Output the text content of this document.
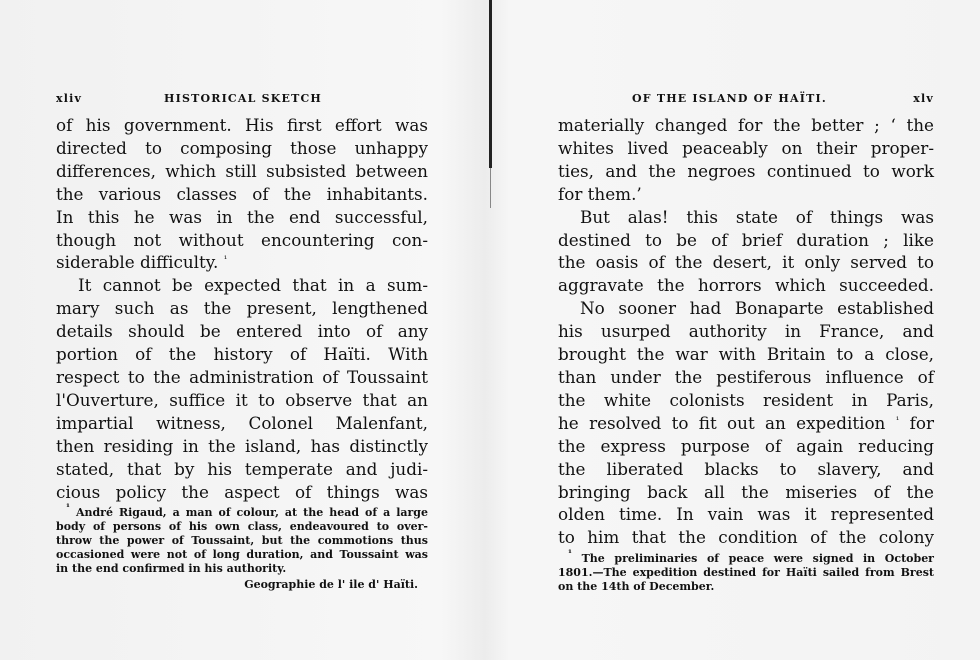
xliv	HISTORICAL SKETCH
of his government. His first effort was
directed to composing those unhappy
differences, which still subsisted between
the various classes of the inhabitants.
In this he was in the end successful,
though not without encountering con-
siderable difficulty. $^{^1}$
It cannot be expected that in a sum-
mary such as the present, lengthened
details should be entered into of any
portion of the history of Haïti. With
respect to the administration of Toussaint
l'Ouverture, suffice it to observe that an
impartial witness, Colonel Malenfant,
then residing in the island, has distinctly
stated, that by his temperate and judi-
cious policy the aspect of things was
$^{^1}$ André Rigaud, a man of colour, at the head of a large
body of persons of his own class, endeavoured to over-
throw the power of Toussaint, but the commotions thus
occasioned were not of long duration, and Toussaint was
in the end confirmed in his authority.
Geographie de l' ile d' Haïti.
OF THE ISLAND OF HAÏTI.	xlv
materially changed for the better ; ‘ the
whites lived peaceably on their proper-
ties, and the negroes continued to work
for them.’
But alas! this state of things was
destined to be of brief duration ; like
the oasis of the desert, it only served to
aggravate the horrors which succeeded.
No sooner had Bonaparte established
his usurped authority in France, and
brought the war with Britain to a close,
than under the pestiferous influence of
the white colonists resident in Paris,
he resolved to fit out an expedition $^{^1}$ for
the express purpose of again reducing
the liberated blacks to slavery, and
bringing back all the miseries of the
olden time. In vain was it represented
to him that the condition of the colony
$^{^1}$ The preliminaries of peace were signed in October
1801.—The expedition destined for Haïti sailed from Brest
on the 14th of December.
